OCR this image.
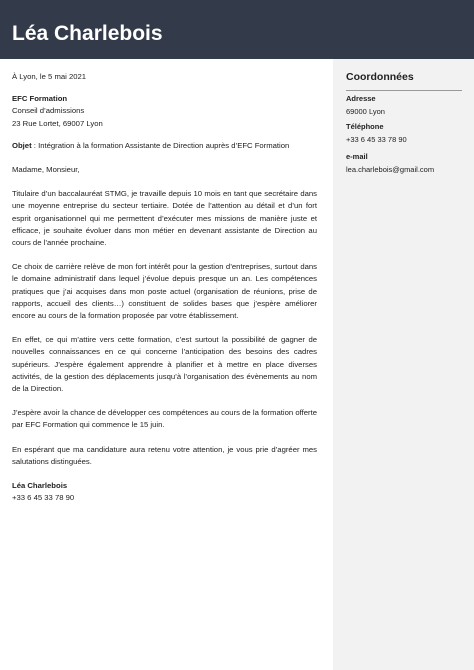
Léa Charlebois

À Lyon, le 5 mai 2021

EFC Formation

Conseil d’admissions

23 Rue Lortet, 69007 Lyon

Objet : Intégration à la formation Assistante de Direction auprès d’EFC Formation

Madame, Monsieur,

Titulaire d’un baccalauréat STMG, je travaille depuis 10 mois en tant que secrétaire dans une moyenne entreprise du secteur tertiaire. Dotée de l’attention au détail et d’un fort esprit organisationnel qui me permettent d’exécuter mes missions de manière juste et efficace, je souhaite évoluer dans mon métier en devenant assistante de Direction au cours de l’année prochaine.

Ce choix de carrière relève de mon fort intérêt pour la gestion d’entreprises, surtout dans le domaine administratif dans lequel j’évolue depuis presque un an. Les compétences pratiques que j’ai acquises dans mon poste actuel (organisation de réunions, prise de rapports, accueil des clients…) constituent de solides bases que j’espère améliorer encore au cours de la formation proposée par votre établissement.

En effet, ce qui m’attire vers cette formation, c’est surtout la possibilité de gagner de nouvelles connaissances en ce qui concerne l’anticipation des besoins des cadres supérieurs. J’espère également apprendre à planifier et à mettre en place diverses activités, de la gestion des déplacements jusqu’à l’organisation des évènements au nom de la Direction.

J’espère avoir la chance de développer ces compétences au cours de la formation offerte par EFC Formation qui commence le 15 juin.

En espérant que ma candidature aura retenu votre attention, je vous prie d’agréer mes salutations distinguées.

Léa Charlebois

+33 6 45 33 78 90

Coordonnées
Adresse
69000 Lyon
Téléphone
+33 6 45 33 78 90
e-mail
lea.charlebois@gmail.com
